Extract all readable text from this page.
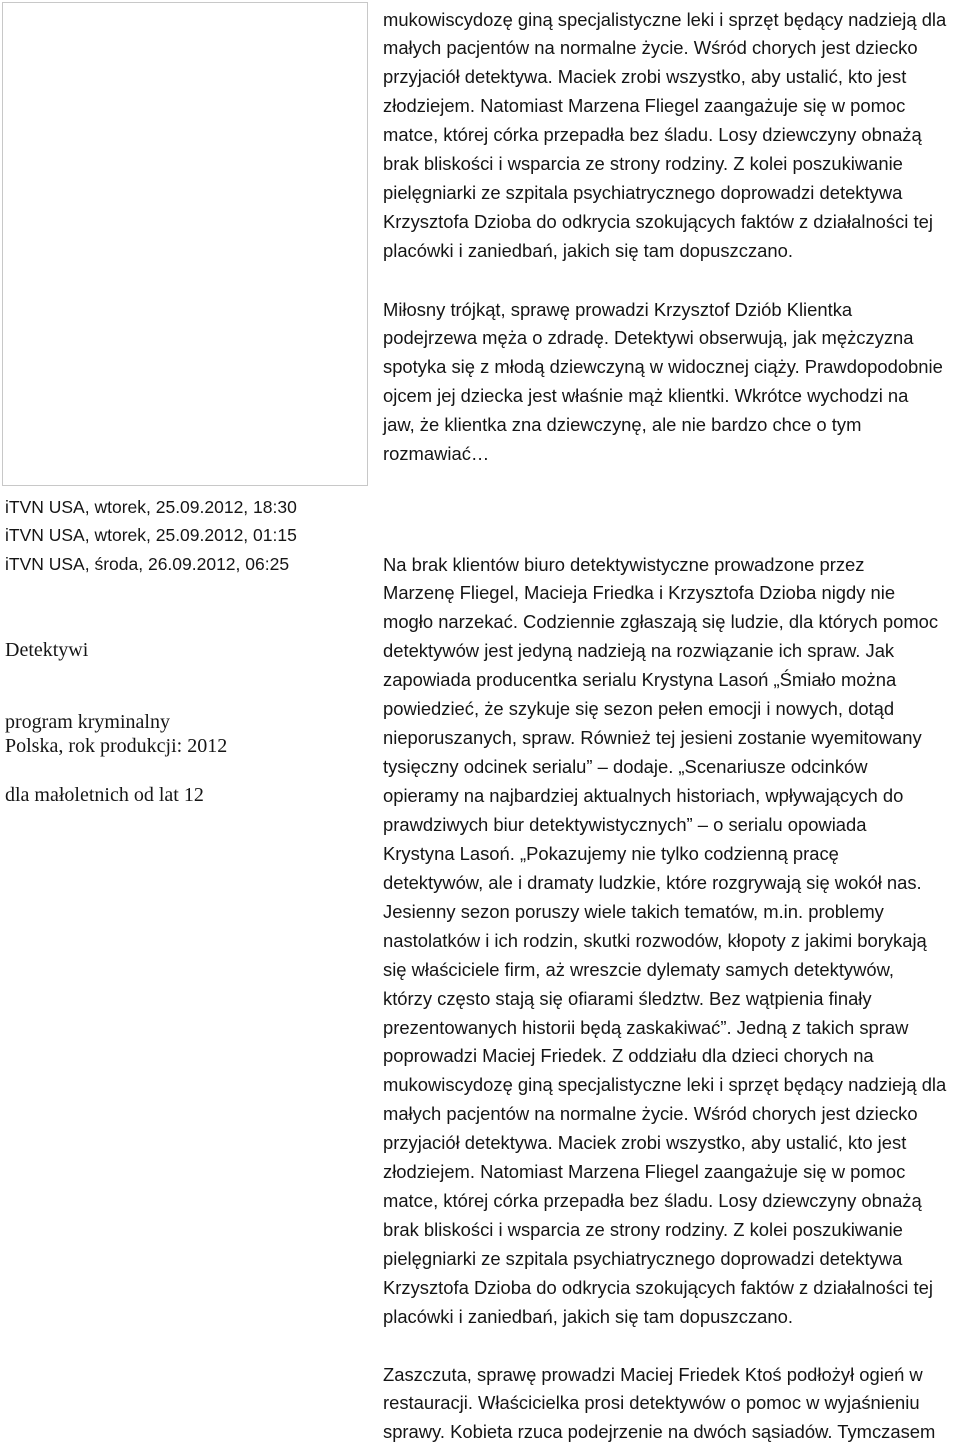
mukowiscydozę giną specjalistyczne leki i sprzęt będący nadzieją dla
małych pacjentów na normalne życie. Wśród chorych jest dziecko
przyjaciół detektywa. Maciek zrobi wszystko, aby ustalić, kto jest
złodziejem. Natomiast Marzena Fliegel zaangażuje się w pomoc
matce, której córka przepadła bez śladu. Losy dziewczyny obnażą
brak bliskości i wsparcia ze strony rodziny. Z kolei poszukiwanie
pielęgniarki ze szpitala psychiatrycznego doprowadzi detektywa
Krzysztofa Dzioba do odkrycia szokujących faktów z działalności tej
placówki i zaniedbań, jakich się tam dopuszczano.
Miłosny trójkąt, sprawę prowadzi Krzysztof Dziób Klientka
podejrzewa męża o zdradę. Detektywi obserwują, jak mężczyzna
spotyka się z młodą dziewczyną w widocznej ciąży. Prawdopodobnie
ojcem jej dziecka jest właśnie mąż klientki. Wkrótce wychodzi na
jaw, że klientka zna dziewczynę, ale nie bardzo chce o tym
rozmawiać…
iTVN USA, wtorek, 25.09.2012, 18:30
iTVN USA, wtorek, 25.09.2012, 01:15
iTVN USA, środa, 26.09.2012, 06:25
Detektywi
program kryminalny
Polska, rok produkcji: 2012
dla małoletnich od lat 12
Na brak klientów biuro detektywistyczne prowadzone przez
Marzenę Fliegel, Macieja Friedka i Krzysztofa Dzioba nigdy nie
mogło narzekać. Codziennie zgłaszają się ludzie, dla których pomoc
detektywów jest jedyną nadzieją na rozwiązanie ich spraw. Jak
zapowiada producentka serialu Krystyna Lasoń „Śmiało można
powiedzieć, że szykuje się sezon pełen emocji i nowych, dotąd
nieporuszanych, spraw. Również tej jesieni zostanie wyemitowany
tysięczny odcinek serialu” – dodaje. „Scenariusze odcinków
opieramy na najbardziej aktualnych historiach, wpływających do
prawdziwych biur detektywistycznych” – o serialu opowiada
Krystyna Lasoń. „Pokazujemy nie tylko codzienną pracę
detektywów, ale i dramaty ludzkie, które rozgrywają się wokół nas.
Jesienny sezon poruszy wiele takich tematów, m.in. problemy
nastolatków i ich rodzin, skutki rozwodów, kłopoty z jakimi borykają
się właściciele firm, aż wreszcie dylematy samych detektywów,
którzy często stają się ofiarami śledztw. Bez wątpienia finały
prezentowanych historii będą zaskakiwać”. Jedną z takich spraw
poprowadzi Maciej Friedek. Z oddziału dla dzieci chorych na
mukowiscydozę giną specjalistyczne leki i sprzęt będący nadzieją dla
małych pacjentów na normalne życie. Wśród chorych jest dziecko
przyjaciół detektywa. Maciek zrobi wszystko, aby ustalić, kto jest
złodziejem. Natomiast Marzena Fliegel zaangażuje się w pomoc
matce, której córka przepadła bez śladu. Losy dziewczyny obnażą
brak bliskości i wsparcia ze strony rodziny. Z kolei poszukiwanie
pielęgniarki ze szpitala psychiatrycznego doprowadzi detektywa
Krzysztofa Dzioba do odkrycia szokujących faktów z działalności tej
placówki i zaniedbań, jakich się tam dopuszczano.
Zaszczuta, sprawę prowadzi Maciej Friedek Ktoś podłożył ogień w
restauracji. Właścicielka prosi detektywów o pomoc w wyjaśnieniu
sprawy. Kobieta rzuca podejrzenie na dwóch sąsiadów. Tymczasem
